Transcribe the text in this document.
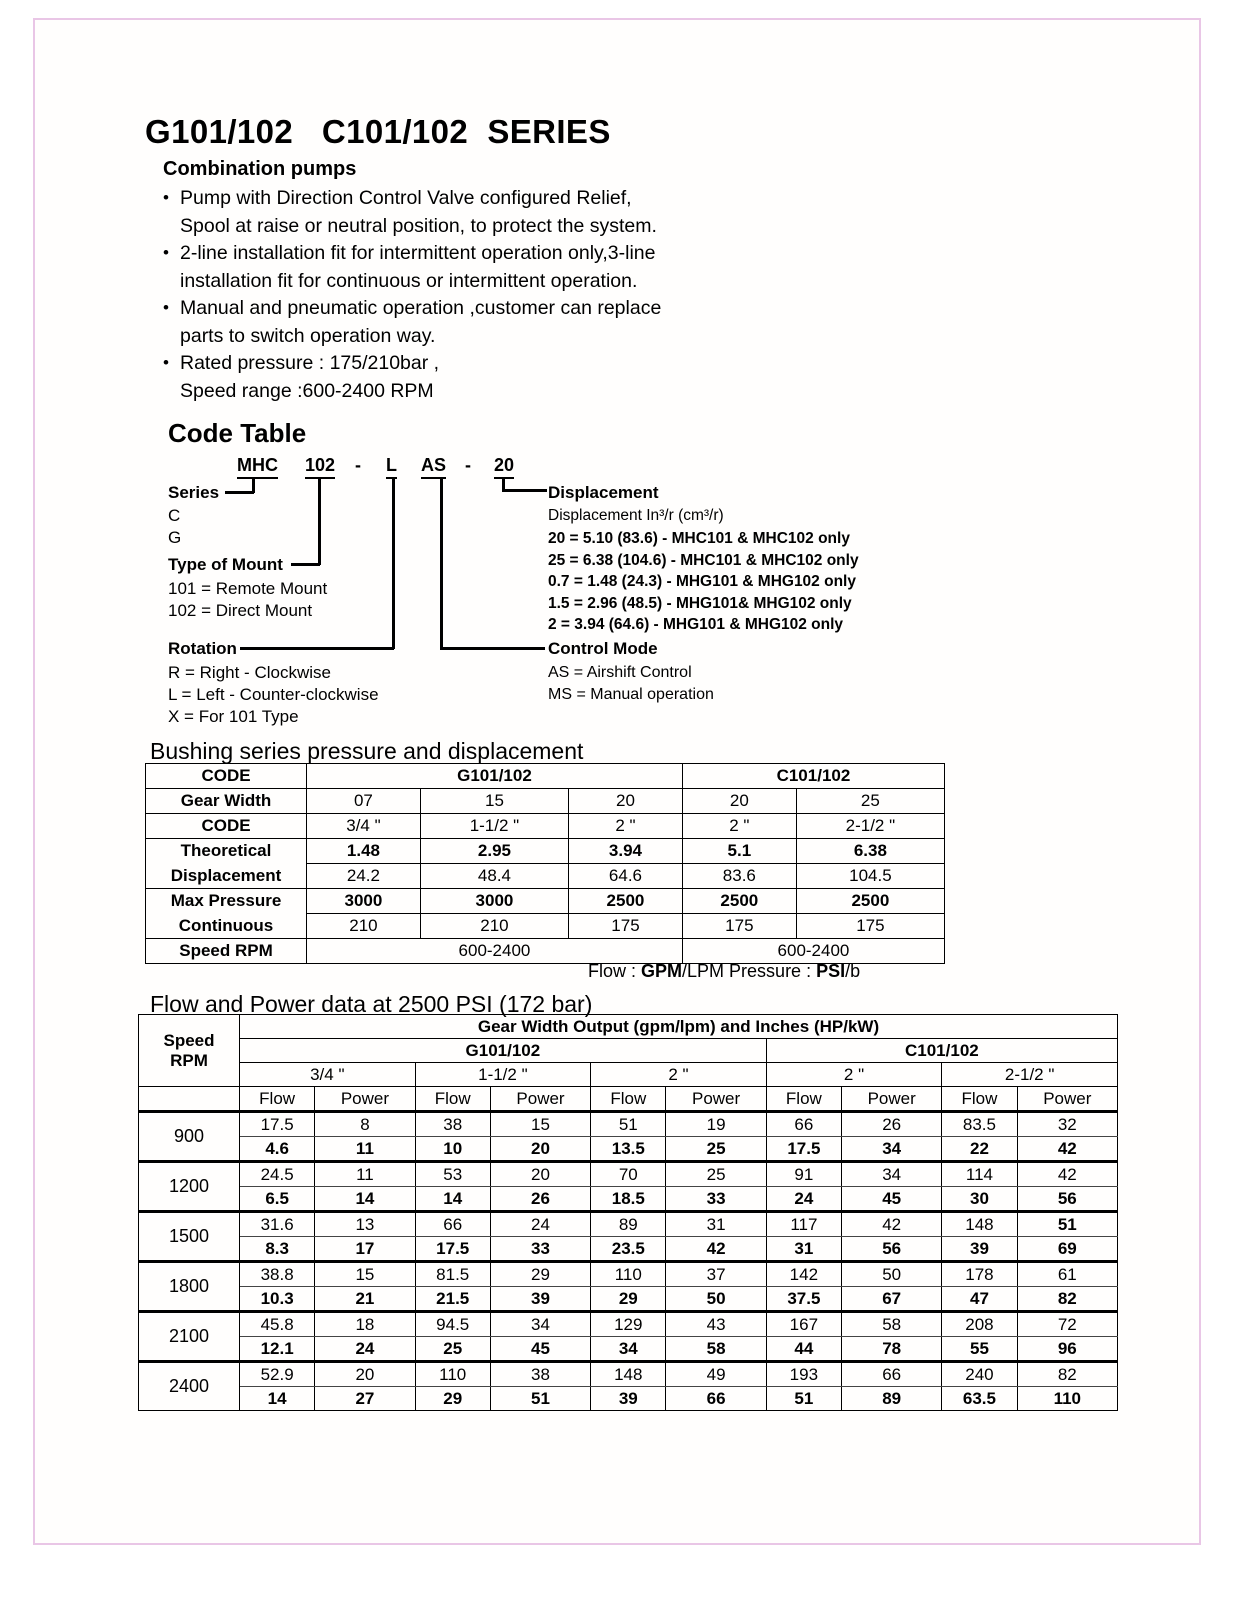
G101/102   C101/102  SERIES
Combination pumps
• Pump with Direction Control Valve configured Relief,
Spool at raise or neutral position, to protect the system.
• 2-line installation fit for intermittent operation only,3-line
installation fit for continuous or intermittent operation.
• Manual and pneumatic operation ,customer can replace
parts to switch operation way.
• Rated pressure : 175/210bar ,
Speed range :600-2400 RPM
Code Table
MHC 102 - L AS - 20
Series
C
G
Type of Mount
101 = Remote Mount
102 = Direct Mount
Rotation
R = Right - Clockwise
L = Left - Counter-clockwise
X = For 101 Type
Displacement
Displacement In³/r (cm³/r)
20 = 5.10 (83.6) - MHC101 & MHC102 only
25 = 6.38 (104.6) - MHC101 & MHC102 only
0.7 = 1.48 (24.3) - MHG101 & MHG102 only
1.5 = 2.96 (48.5) - MHG101& MHG102 only
2 = 3.94 (64.6) - MHG101 & MHG102 only
Control Mode
AS = Airshift Control
MS = Manual operation
Bushing series pressure and displacement
CODE	G101/102			C101/102	
Gear Width	07	15	20	20	25
CODE	3/4 "	1-1/2 "	2 "	2 "	2-1/2 "
Theoretical	1.48	2.95	3.94	5.1	6.38
Displacement	24.2	48.4	64.6	83.6	104.5
Max Pressure	3000	3000	2500	2500	2500
Continuous	210	210	175	175	175
Speed RPM	600-2400			600-2400	
Flow : GPM/LPM Pressure : PSI/b
Flow and Power data at 2500 PSI (172 bar)
Speed
RPM	Gear Width Output (gpm/lpm) and Inches (HP/kW)									
	G101/102						C101/102			
	3/4 "		1-1/2 "		2 "		2 "		2-1/2 "	
	Flow	Power	Flow	Power	Flow	Power	Flow	Power	Flow	Power
900	17.5	8	38	15	51	19	66	26	83.5	32
	4.6	11	10	20	13.5	25	17.5	34	22	42
1200	24.5	11	53	20	70	25	91	34	114	42
	6.5	14	14	26	18.5	33	24	45	30	56
1500	31.6	13	66	24	89	31	117	42	148	51
	8.3	17	17.5	33	23.5	42	31	56	39	69
1800	38.8	15	81.5	29	110	37	142	50	178	61
	10.3	21	21.5	39	29	50	37.5	67	47	82
2100	45.8	18	94.5	34	129	43	167	58	208	72
	12.1	24	25	45	34	58	44	78	55	96
2400	52.9	20	110	38	148	49	193	66	240	82
	14	27	29	51	39	66	51	89	63.5	110
